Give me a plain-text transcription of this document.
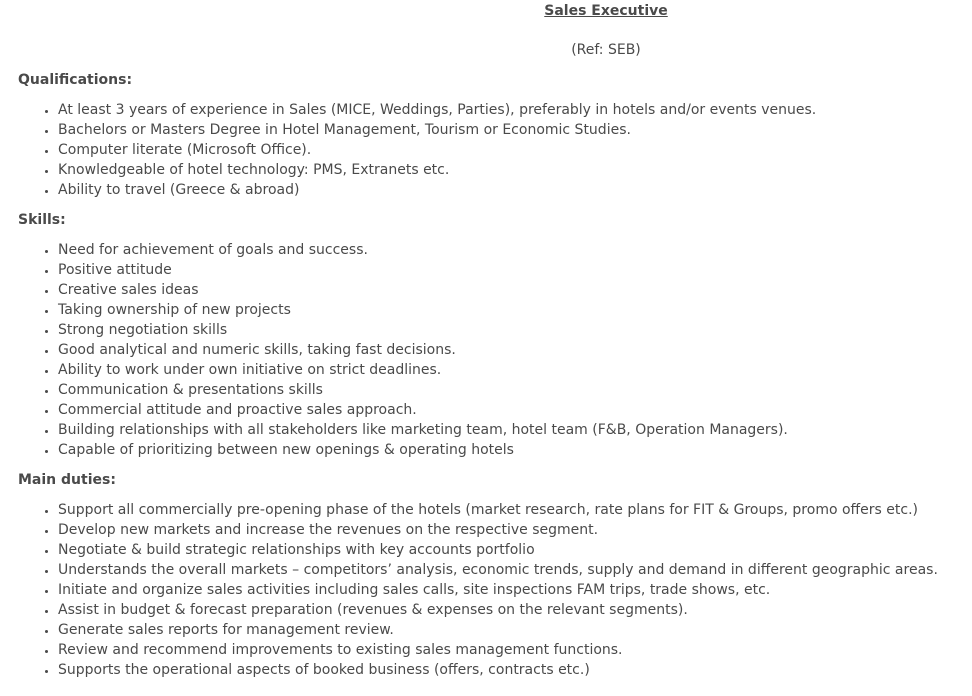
Sales Executive
(Ref: SEB)
Qualifications:
• At least 3 years of experience in Sales (MICE, Weddings, Parties), preferably in hotels and/or events venues.
• Bachelors or Masters Degree in Hotel Management, Tourism or Economic Studies.
• Computer literate (Microsoft Office).
• Knowledgeable of hotel technology: PMS, Extranets etc.
• Ability to travel (Greece & abroad)
Skills:
• Need for achievement of goals and success.
• Positive attitude
• Creative sales ideas
• Taking ownership of new projects
• Strong negotiation skills
• Good analytical and numeric skills, taking fast decisions.
• Ability to work under own initiative on strict deadlines.
• Communication & presentations skills
• Commercial attitude and proactive sales approach.
• Building relationships with all stakeholders like marketing team, hotel team (F&B, Operation Managers).
• Capable of prioritizing between new openings & operating hotels
Main duties:
• Support all commercially pre-opening phase of the hotels (market research, rate plans for FIT & Groups, promo offers etc.)
• Develop new markets and increase the revenues on the respective segment.
• Negotiate & build strategic relationships with key accounts portfolio
• Understands the overall markets – competitors’ analysis, economic trends, supply and demand in different geographic areas.
• Initiate and organize sales activities including sales calls, site inspections FAM trips, trade shows, etc.
• Assist in budget & forecast preparation (revenues & expenses on the relevant segments).
• Generate sales reports for management review.
• Review and recommend improvements to existing sales management functions.
• Supports the operational aspects of booked business (offers, contracts etc.)
